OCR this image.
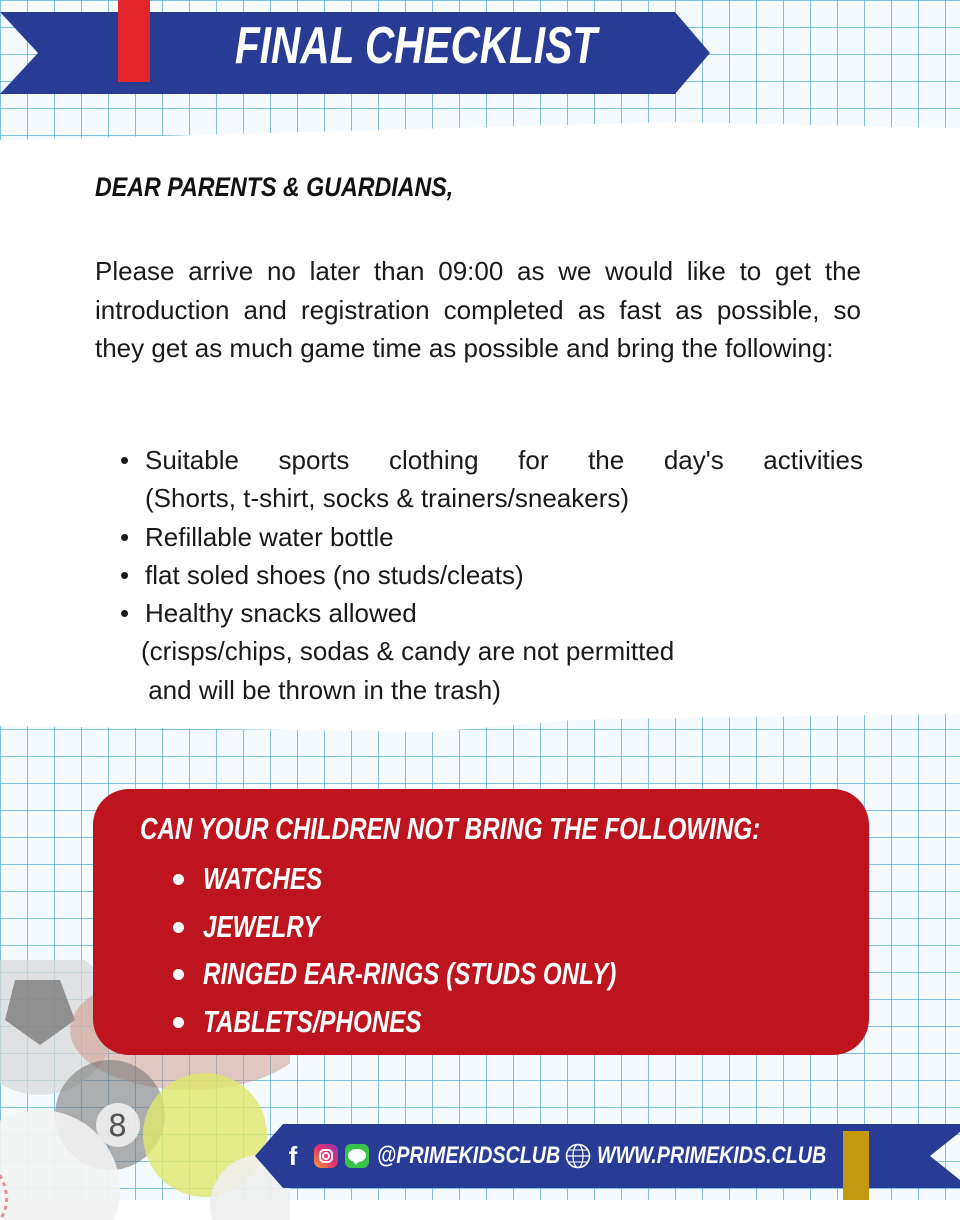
8
FINAL CHECKLIST
DEAR PARENTS & GUARDIANS,
Please arrive no later than 09:00 as we would like to get the introduction and registration completed as fast as possible, so they get as much game time as possible and bring the following:
• Suitable sports clothing for the day's activities
(Shorts, t-shirt, socks & trainers/sneakers)
• Refillable water bottle
• flat soled shoes (no studs/cleats)
• Healthy snacks allowed
(crisps/chips, sodas & candy are not permitted
and will be thrown in the trash)
CAN YOUR CHILDREN NOT BRING THE FOLLOWING:
WATCHES
JEWELRY
RINGED EAR-RINGS (STUDS ONLY)
TABLETS/PHONES
f	@PRIMEKIDSCLUB WWW.PRIMEKIDS.CLUB
